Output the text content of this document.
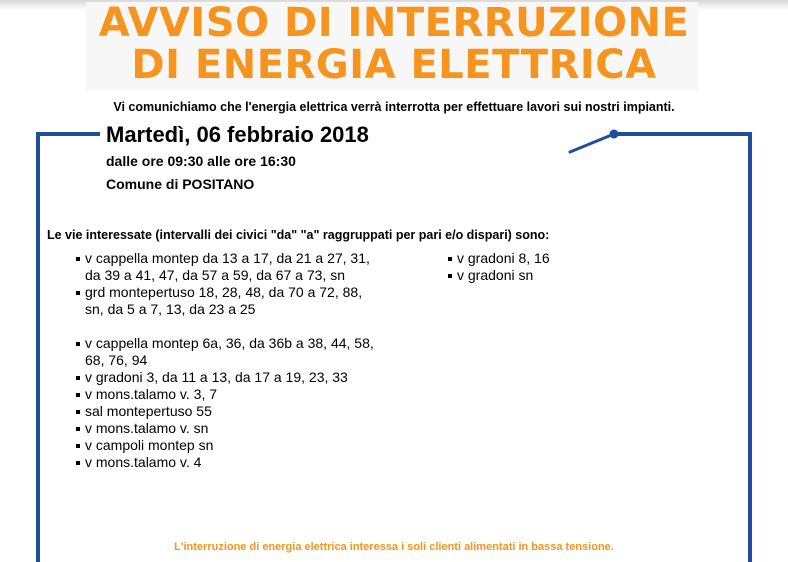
AVVISO DI INTERRUZIONE
DI ENERGIA ELETTRICA
Vi comunichiamo che l'energia elettrica verrà interrotta per effettuare lavori sui nostri impianti.
Martedì, 06 febbraio 2018
dalle ore 09:30 alle ore 16:30
Comune di POSITANO
Le vie interessate (intervalli dei civici "da" "a" raggruppati per pari e/o dispari) sono:
v cappella montep da 13 a 17, da 21 a 27, 31, da 39 a 41, 47, da 57 a 59, da 67 a 73, sn
grd montepertuso 18, 28, 48, da 70 a 72, 88, sn, da 5 a 7, 13, da 23 a 25
v cappella montep 6a, 36, da 36b a 38, 44, 58, 68, 76, 94
v gradoni 3, da 11 a 13, da 17 a 19, 23, 33
v mons.talamo v. 3, 7
sal montepertuso 55
v mons.talamo v. sn
v campoli montep sn
v mons.talamo v. 4
v gradoni 8, 16
v gradoni sn
L'interruzione di energia elettrica interessa i soli clienti alimentati in bassa tensione.
